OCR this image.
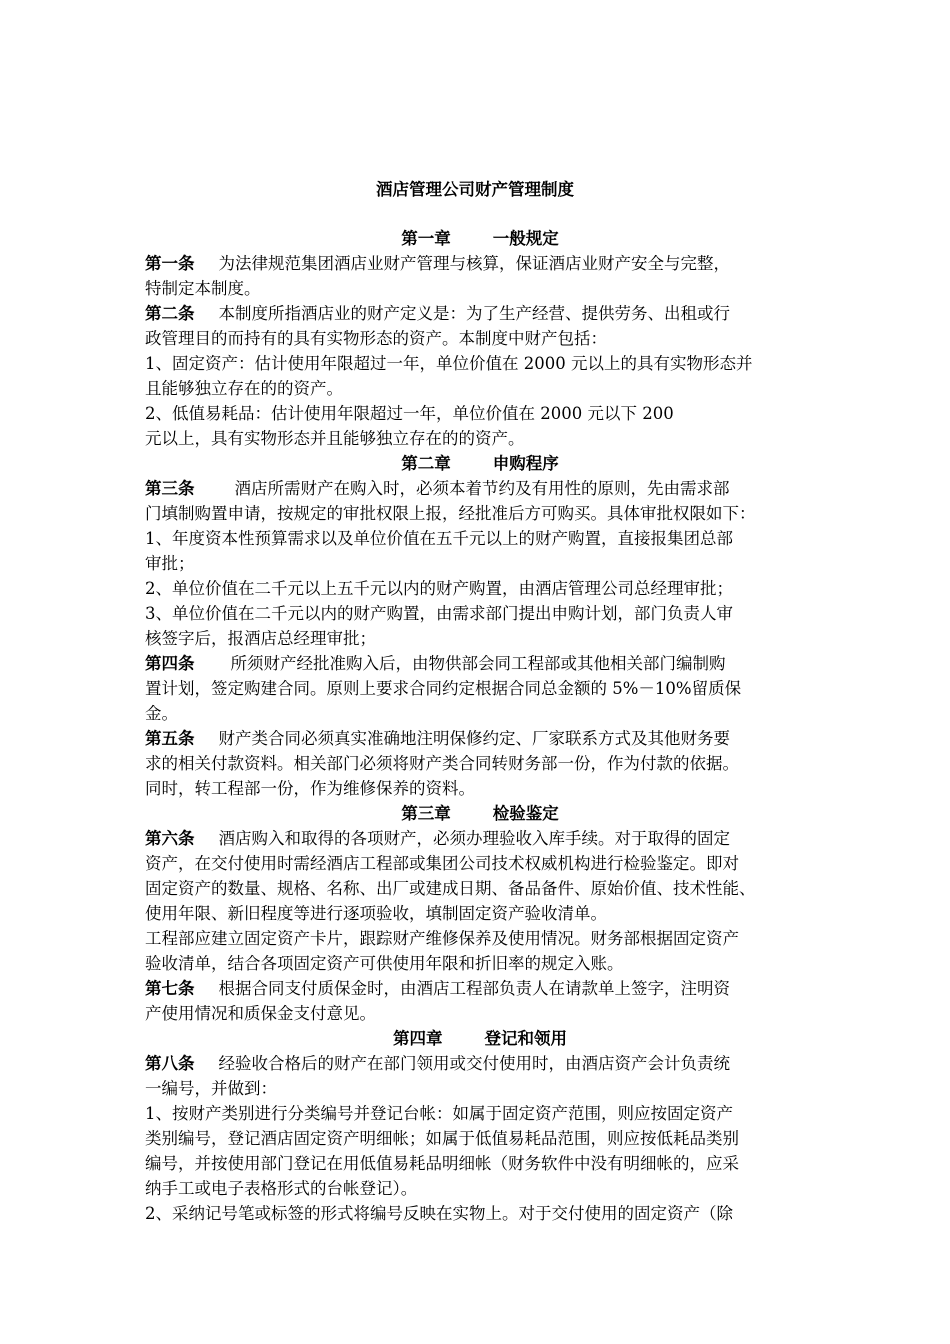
酒店管理公司财产管理制度
第一章	一般规定
第一条 为法律规范集团酒店业财产管理与核算，保证酒店业财产安全与完整，
特制定本制度。
第二条 本制度所指酒店业的财产定义是：为了生产经营、提供劳务、出租或行
政管理目的而持有的具有实物形态的资产。本制度中财产包括：
1、固定资产：估计使用年限超过一年，单位价值在 2000 元以上的具有实物形态并
且能够独立存在的的资产。
2、低值易耗品：估计使用年限超过一年，单位价值在 2000 元以下 200
元以上，具有实物形态并且能够独立存在的的资产。
第二章	申购程序
第三条 酒店所需财产在购入时，必须本着节约及有用性的原则，先由需求部
门填制购置申请，按规定的审批权限上报，经批准后方可购买。具体审批权限如下：
1、年度资本性预算需求以及单位价值在五千元以上的财产购置，直接报集团总部
审批；
2、单位价值在二千元以上五千元以内的财产购置，由酒店管理公司总经理审批；
3、单位价值在二千元以内的财产购置，由需求部门提出申购计划，部门负责人审
核签字后，报酒店总经理审批；
第四条 所须财产经批准购入后，由物供部会同工程部或其他相关部门编制购
置计划，签定购建合同。原则上要求合同约定根据合同总金额的 5%－10%留质保
金。
第五条 财产类合同必须真实准确地注明保修约定、厂家联系方式及其他财务要
求的相关付款资料。相关部门必须将财产类合同转财务部一份，作为付款的依据。
同时，转工程部一份，作为维修保养的资料。
第三章	检验鉴定
第六条 酒店购入和取得的各项财产，必须办理验收入库手续。对于取得的固定
资产，在交付使用时需经酒店工程部或集团公司技术权威机构进行检验鉴定。即对
固定资产的数量、规格、名称、出厂或建成日期、备品备件、原始价值、技术性能、
使用年限、新旧程度等进行逐项验收，填制固定资产验收清单。
工程部应建立固定资产卡片，跟踪财产维修保养及使用情况。财务部根据固定资产
验收清单，结合各项固定资产可供使用年限和折旧率的规定入账。
第七条 根据合同支付质保金时，由酒店工程部负责人在请款单上签字，注明资
产使用情况和质保金支付意见。
第四章	登记和领用
第八条 经验收合格后的财产在部门领用或交付使用时，由酒店资产会计负责统
一编号，并做到：
1、按财产类别进行分类编号并登记台帐：如属于固定资产范围，则应按固定资产
类别编号，登记酒店固定资产明细帐；如属于低值易耗品范围，则应按低耗品类别
编号，并按使用部门登记在用低值易耗品明细帐（财务软件中没有明细帐的，应采
纳手工或电子表格形式的台帐登记）。
2、采纳记号笔或标签的形式将编号反映在实物上。对于交付使用的固定资产（除
